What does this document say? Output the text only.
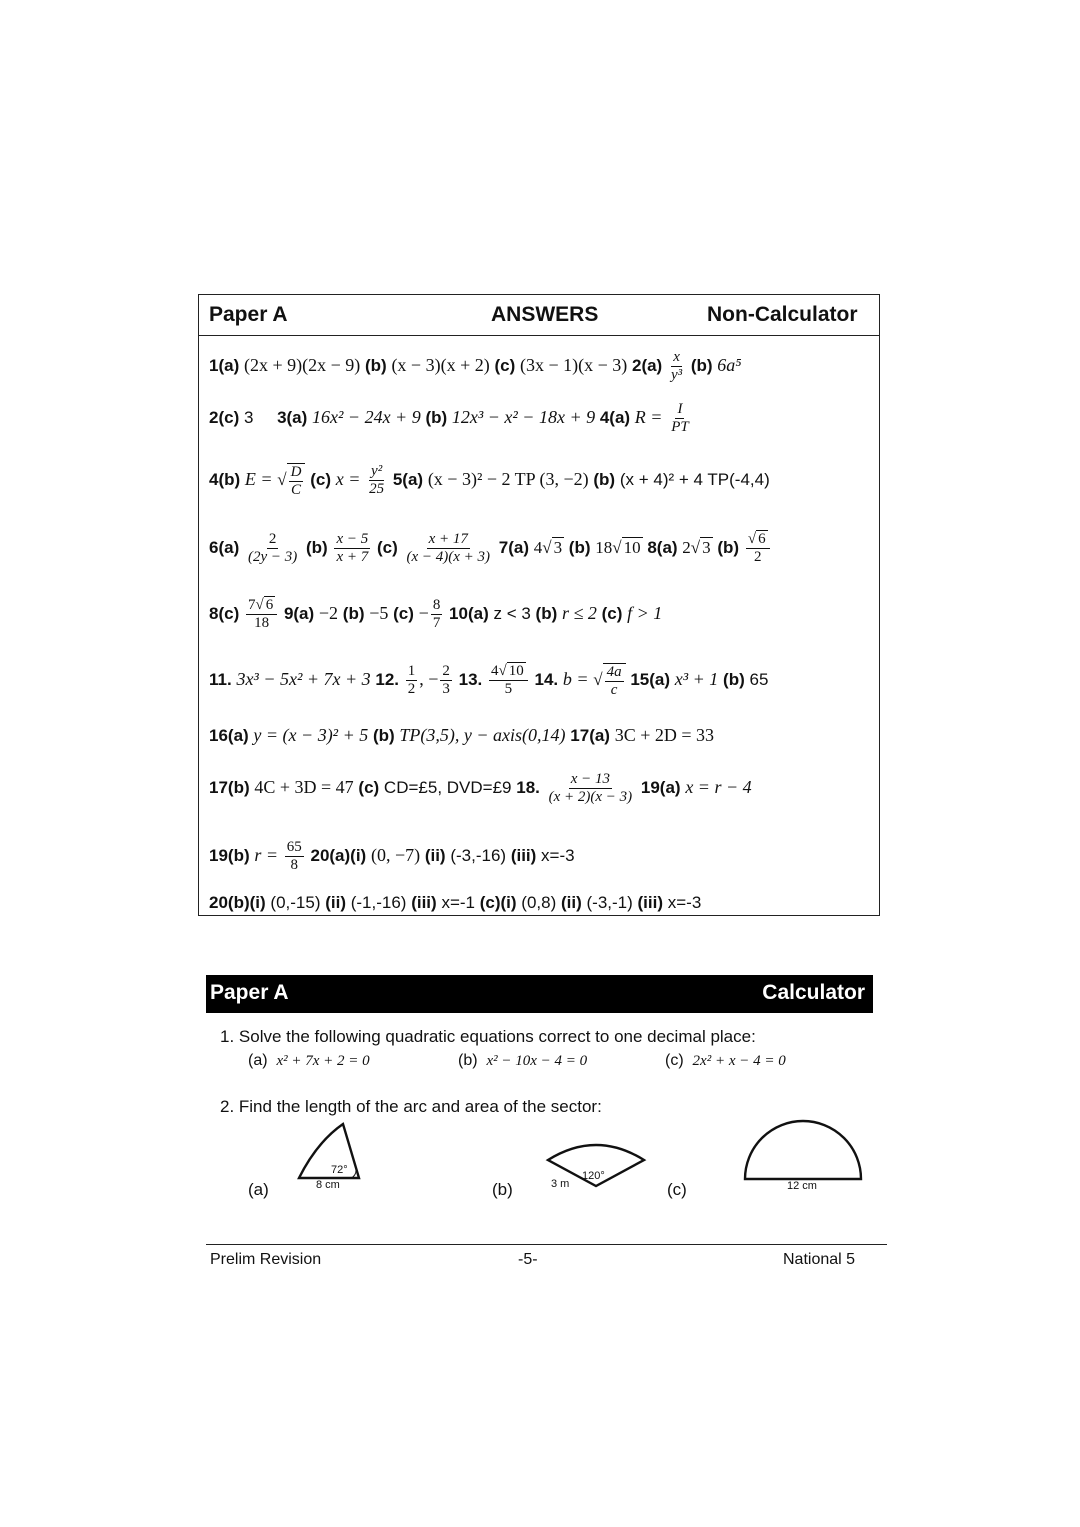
Paper A	ANSWERS	Non-Calculator
1(a) (2x + 9)(2x − 9) (b) (x − 3)(x + 2) (c) (3x − 1)(x − 3) $2(a) \frac{x}{\text{y³}} (b)$ 6a⁵
2(c) 3 3(a) 16x² − 24x + 9 (b) 12x³ − x² − 18x + 9 4(a) $R = \frac{I}{PT}$
4(b) E = √ $\frac{D}{C} (c) x = \frac{\text{y²}}{25} 5(a) (x - 3)^2 - 2$ TP (3, −2) (b) (x + 4)² + 4 TP(-4,4)
$6(a) \frac{2}{(2y - 3)} (b) \frac{x - 5}{x + 7} (c) \frac{x + 17}{(x - 4)(x + 3)} 7(a)$ 4√ 3 (b) 18√ 10 8(a) 2√ 3 $(b) \frac{√ 6}{2}$
$8(c) \frac{7√ 6}{18} 9(a) -2$ (b) −5 $(c) - \frac{8}{7} 10(a) z < 3$ (b) r ≤ 2 (c) f > 1
11. 3x³ − 5x² + 7x + 3 12. $\frac{1}{2}$ , − $\frac{2}{3} 13$. $\frac{4√ 10}{5} 14$. b = √ $\frac{4a}{c} 15(a) x^3 + 1$ (b) 65
16(a) y = (x − 3)² + 5 (b) TP(3,5), y − axis(0,14) 17(a) 3C + 2D = 33
17(b) 4C + 3D = 47 (c) CD=£5, DVD=£9 18. $\frac{x - 13}{(x + 2)(x - 3)} 19(a) x = r - 4$
19(b) $r = \frac{65}{8} 20(a)(i)$ (0, −7) (ii) (-3,-16) (iii) x=-3
20(b)(i) (0,-15) (ii) (-1,-16) (iii) x=-1 (c)(i) (0,8) (ii) (-3,-1) (iii) x=-3
Paper A	Calculator
1. Solve the following quadratic equations correct to one decimal place:
(a) x² + 7x + 2 = 0	(b) x² − 10x − 4 = 0	(c) 2x² + x − 4 = 0
2. Find the length of the arc and area of the sector:
(a)
72°
8 cm	(b)
120°
3 m	(c)	12 cm
Prelim Revision	-5-	National 5
